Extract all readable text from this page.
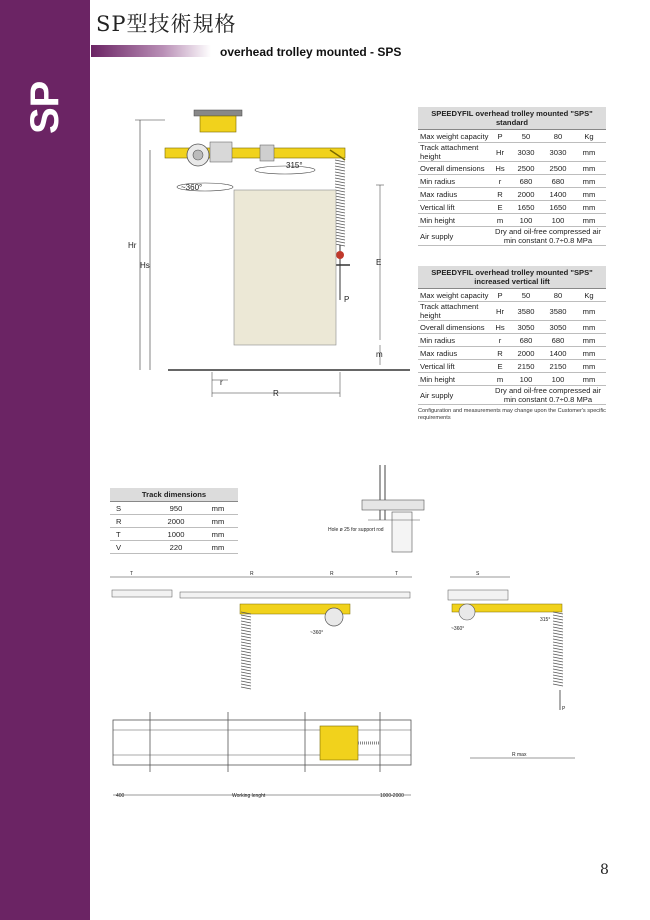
SP
SP型技術規格
overhead trolley mounted - SPS
SPEEDYFIL overhead trolley mounted "SPS" standard
Max weight capacity	P	50	80	Kg
Track attachment height	Hr	3030	3030	mm
Overall dimensions	Hs	2500	2500	mm
Min radius	r	680	680	mm
Max radius	R	2000	1400	mm
Vertical lift	E	1650	1650	mm
Min height	m	100	100	mm
Air supply	Dry and oil-free compressed air min constant 0.7÷0.8 MPa
SPEEDYFIL overhead trolley mounted "SPS" increased vertical lift
Max weight capacity	P	50	80	Kg
Track attachment height	Hr	3580	3580	mm
Overall dimensions	Hs	3050	3050	mm
Min radius	r	680	680	mm
Max radius	R	2000	1400	mm
Vertical lift	E	2150	2150	mm
Min height	m	100	100	mm
Air supply	Dry and oil-free compressed air min constant 0.7÷0.8 MPa
Configuration and measurements may change upon the Customer's specific requirements
Track dimensions
S	950	mm
R	2000	mm
T	1000	mm
V	220	mm
315°
~360°
Hr
Hs	E
P
m
r
R
Hole ø 25 for support rod
T	R	R	T
~360°
S
~360°
315°
P
R max
400	Working lenght	1000-2000
8
